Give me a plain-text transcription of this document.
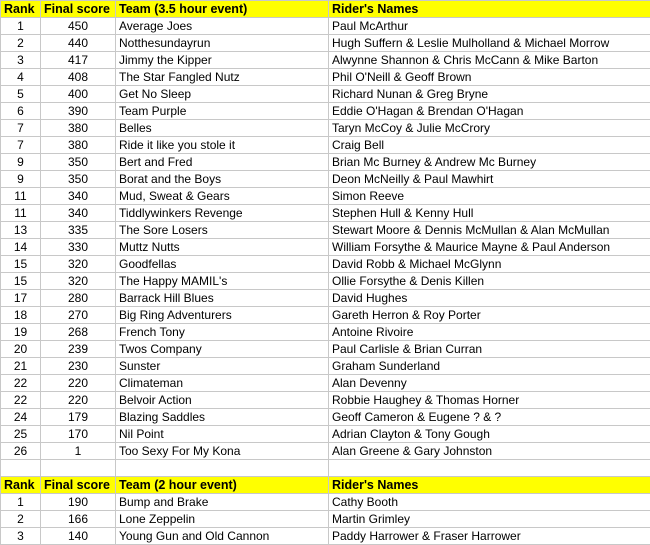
Rank	Final score	Team (3.5 hour event)	Rider's Names
1	450	Average Joes	Paul McArthur
2	440	Notthesundayrun	Hugh Suffern & Leslie Mulholland & Michael Morrow
3	417	Jimmy the Kipper	Alwynne Shannon & Chris McCann & Mike Barton
4	408	The Star Fangled Nutz	Phil O'Neill & Geoff Brown
5	400	Get No Sleep	Richard Nunan & Greg Bryne
6	390	Team Purple	Eddie O'Hagan & Brendan O'Hagan
7	380	Belles	Taryn McCoy & Julie McCrory
7	380	Ride it like you stole it	Craig Bell
9	350	Bert and Fred	Brian Mc Burney & Andrew Mc Burney
9	350	Borat and the Boys	Deon McNeilly & Paul Mawhirt
11	340	Mud, Sweat & Gears	Simon Reeve
11	340	Tiddlywinkers Revenge	Stephen Hull & Kenny Hull
13	335	The Sore Losers	Stewart Moore & Dennis McMullan & Alan McMullan
14	330	Muttz Nutts	William Forsythe & Maurice Mayne & Paul Anderson
15	320	Goodfellas	David Robb & Michael McGlynn
15	320	The Happy MAMIL's	Ollie Forsythe & Denis Killen
17	280	Barrack Hill Blues	David Hughes
18	270	Big Ring Adventurers	Gareth Herron & Roy Porter
19	268	French Tony	Antoine Rivoire
20	239	Twos Company	Paul Carlisle & Brian Curran
21	230	Sunster	Graham Sunderland
22	220	Climateman	Alan Devenny
22	220	Belvoir Action	Robbie Haughey & Thomas Horner
24	179	Blazing Saddles	Geoff Cameron & Eugene ? & ?
25	170	Nil Point	Adrian Clayton & Tony Gough
26	1	Too Sexy For My Kona	Alan Greene & Gary Johnston

Rank	Final score	Team (2 hour event)	Rider's Names
1	190	Bump and Brake	Cathy Booth
2	166	Lone Zeppelin	Martin Grimley
3	140	Young Gun and Old Cannon	Paddy Harrower & Fraser Harrower
